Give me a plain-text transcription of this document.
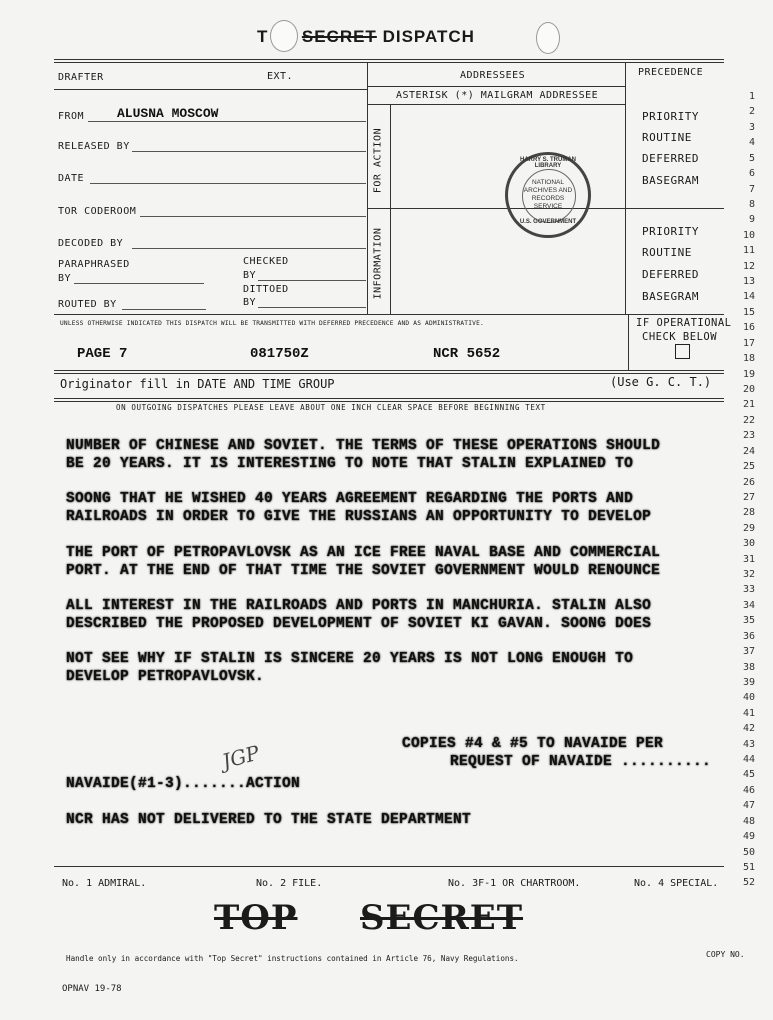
T SECRET DISPATCH
DRAFTER	EXT.	ADDRESSEES	PRECEDENCE
ASTERISK (*) MAILGRAM ADDRESSEE
FROM	ALUSNA MOSCOW
RELEASED BY
DATE
TOR CODEROOM
DECODED BY
PARAPHRASED
BY
CHECKED
BY
DITTOED
BY
ROUTED BY
FOR ACTION
INFORMATION
PRIORITY
ROUTINE
DEFERRED
BASEGRAM
PRIORITY
ROUTINE
DEFERRED
BASEGRAM
HARRY S. TRUMAN LIBRARY
NATIONAL
ARCHIVES AND
RECORDS
SERVICE
U.S. GOVERNMENT
UNLESS OTHERWISE INDICATED THIS DISPATCH WILL BE TRANSMITTED WITH DEFERRED PRECEDENCE AND AS ADMINISTRATIVE.	IF OPERATIONAL
CHECK BELOW
PAGE 7	081750Z	NCR 5652
Originator fill in DATE AND TIME GROUP	(Use G. C. T.)
ON OUTGOING DISPATCHES PLEASE LEAVE ABOUT ONE INCH CLEAR SPACE BEFORE BEGINNING TEXT
NUMBER OF CHINESE AND SOVIET. THE TERMS OF THESE OPERATIONS SHOULD
BE 20 YEARS. IT IS INTERESTING TO NOTE THAT STALIN EXPLAINED TO
SOONG THAT HE WISHED 40 YEARS AGREEMENT REGARDING THE PORTS AND
RAILROADS IN ORDER TO GIVE THE RUSSIANS AN OPPORTUNITY TO DEVELOP
THE PORT OF PETROPAVLOVSK AS AN ICE FREE NAVAL BASE AND COMMERCIAL
PORT. AT THE END OF THAT TIME THE SOVIET GOVERNMENT WOULD RENOUNCE
ALL INTEREST IN THE RAILROADS AND PORTS IN MANCHURIA. STALIN ALSO
DESCRIBED THE PROPOSED DEVELOPMENT OF SOVIET KI GAVAN. SOONG DOES
NOT SEE WHY IF STALIN IS SINCERE 20 YEARS IS NOT LONG ENOUGH TO
DEVELOP PETROPAVLOVSK.
COPIES #4 & #5 TO NAVAIDE PER
REQUEST OF NAVAIDE ..........
NAVAIDE(#1-3).......ACTION
NCR HAS NOT DELIVERED TO THE STATE DEPARTMENT
JGP
1
2
3
4
5
6
7
8
9
10
11
12
13
14
15
16
17
18
19
20
21
22
23
24
25
26
27
28
29
30
31
32
33
34
35
36
37
38
39
40
41
42
43
44
45
46
47
48
49
50
51
52
No. 1 ADMIRAL.	No. 2 FILE.	No. 3F-1 OR CHARTROOM.	No. 4 SPECIAL.
TOP SECRET
Handle only in accordance with "Top Secret" instructions contained in Article 76, Navy Regulations.	COPY NO.
OPNAV 19-78
